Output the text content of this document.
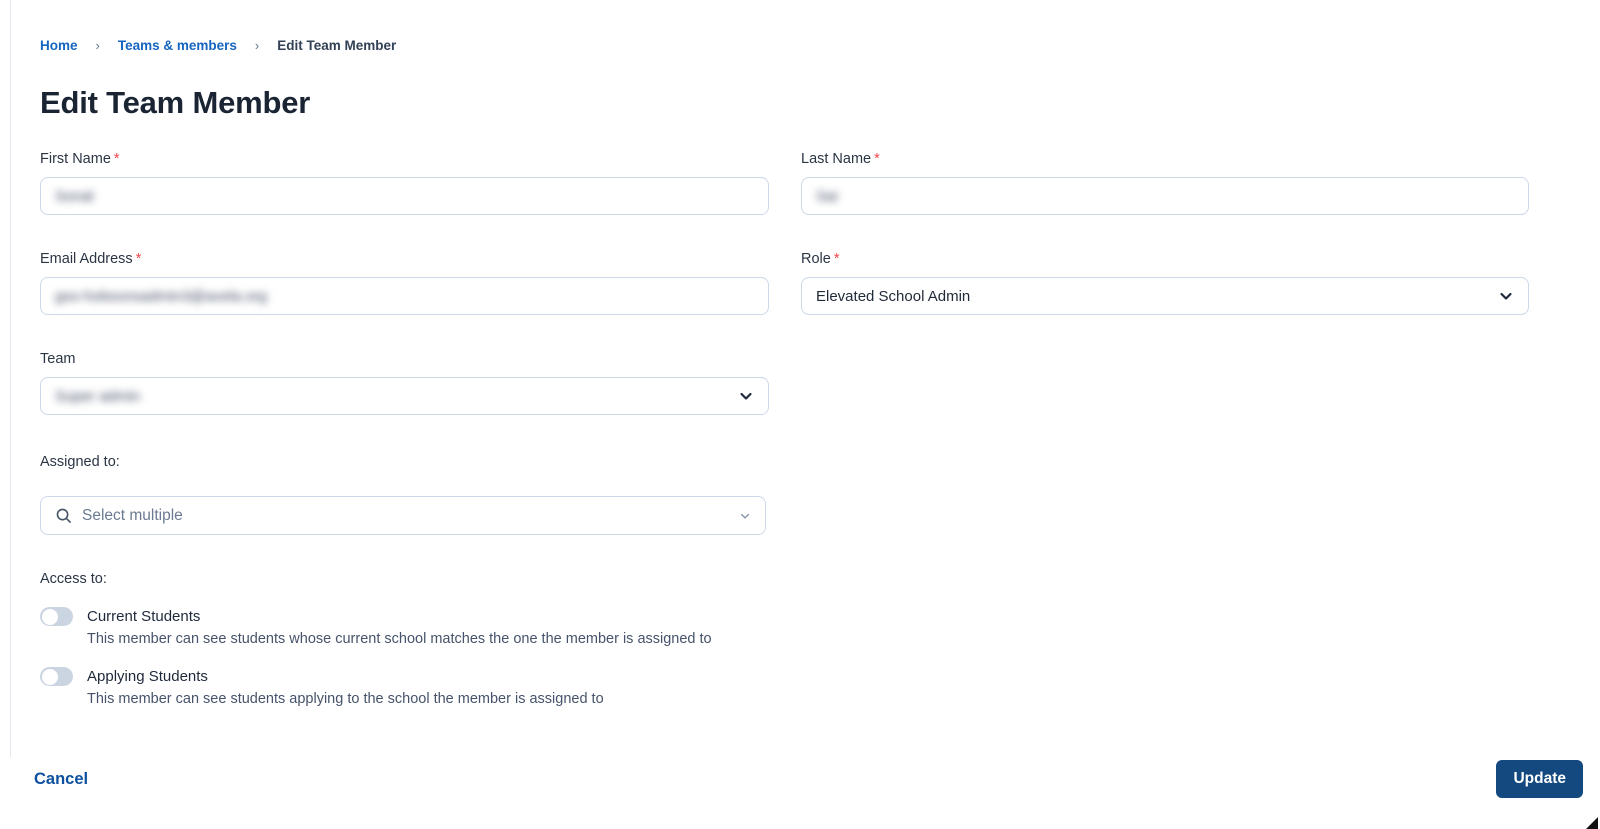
Home › Teams & members › Edit Team Member
Edit Team Member
First Name *
Sonal
Last Name *
Sai
Email Address *
gso-hobsonsadmin3@avela.org
Role *
Elevated School Admin
Team
Super admin
Assigned to:
Select multiple
Access to:
Current Students
This member can see students whose current school matches the one the member is assigned to
Applying Students
This member can see students applying to the school the member is assigned to
Cancel	Update
